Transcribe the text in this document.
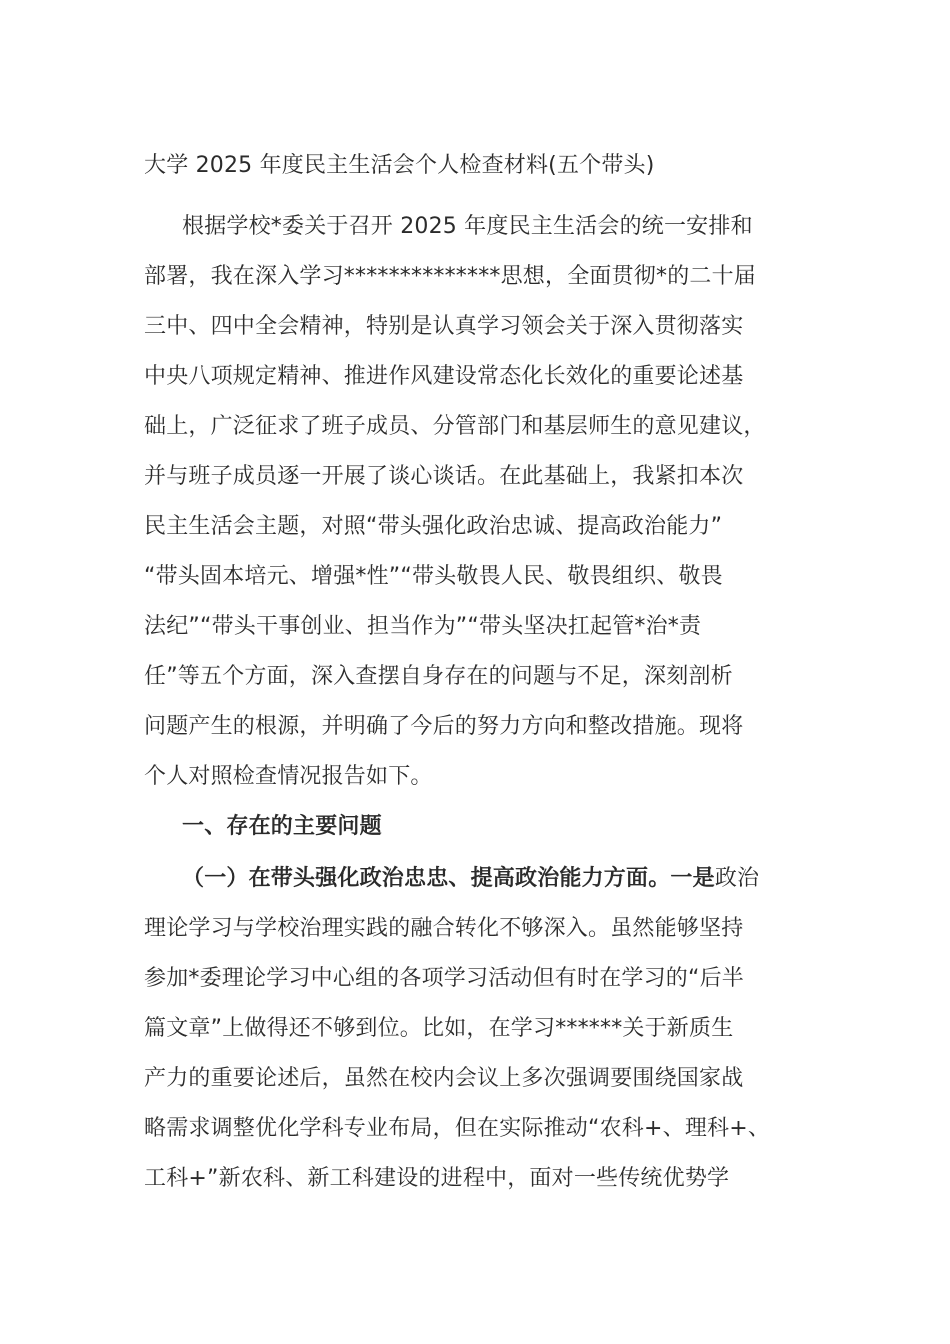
大学 2025 年度民主生活会个人检查材料(五个带头)
根据学校*委关于召开 2025 年度民主生活会的统一安排和
部署，我在深入学习**************思想，全面贯彻*的二十届
三中、四中全会精神，特别是认真学习领会关于深入贯彻落实
中央八项规定精神、推进作风建设常态化长效化的重要论述基
础上，广泛征求了班子成员、分管部门和基层师生的意见建议，
并与班子成员逐一开展了谈心谈话。在此基础上，我紧扣本次
民主生活会主题，对照“带头强化政治忠诚、提高政治能力”
“带头固本培元、增强*性”“带头敬畏人民、敬畏组织、敬畏
法纪”“带头干事创业、担当作为”“带头坚决扛起管*治*责
任”等五个方面，深入查摆自身存在的问题与不足，深刻剖析
问题产生的根源，并明确了今后的努力方向和整改措施。现将
个人对照检查情况报告如下。
一、存在的主要问题
（一）在带头强化政治忠忠、提高政治能力方面。一是政治
理论学习与学校治理实践的融合转化不够深入。虽然能够坚持
参加*委理论学习中心组的各项学习活动但有时在学习的“后半
篇文章”上做得还不够到位。比如，在学习******关于新质生
产力的重要论述后，虽然在校内会议上多次强调要围绕国家战
略需求调整优化学科专业布局，但在实际推动“农科+、理科+、
工科+”新农科、新工科建设的进程中，面对一些传统优势学
